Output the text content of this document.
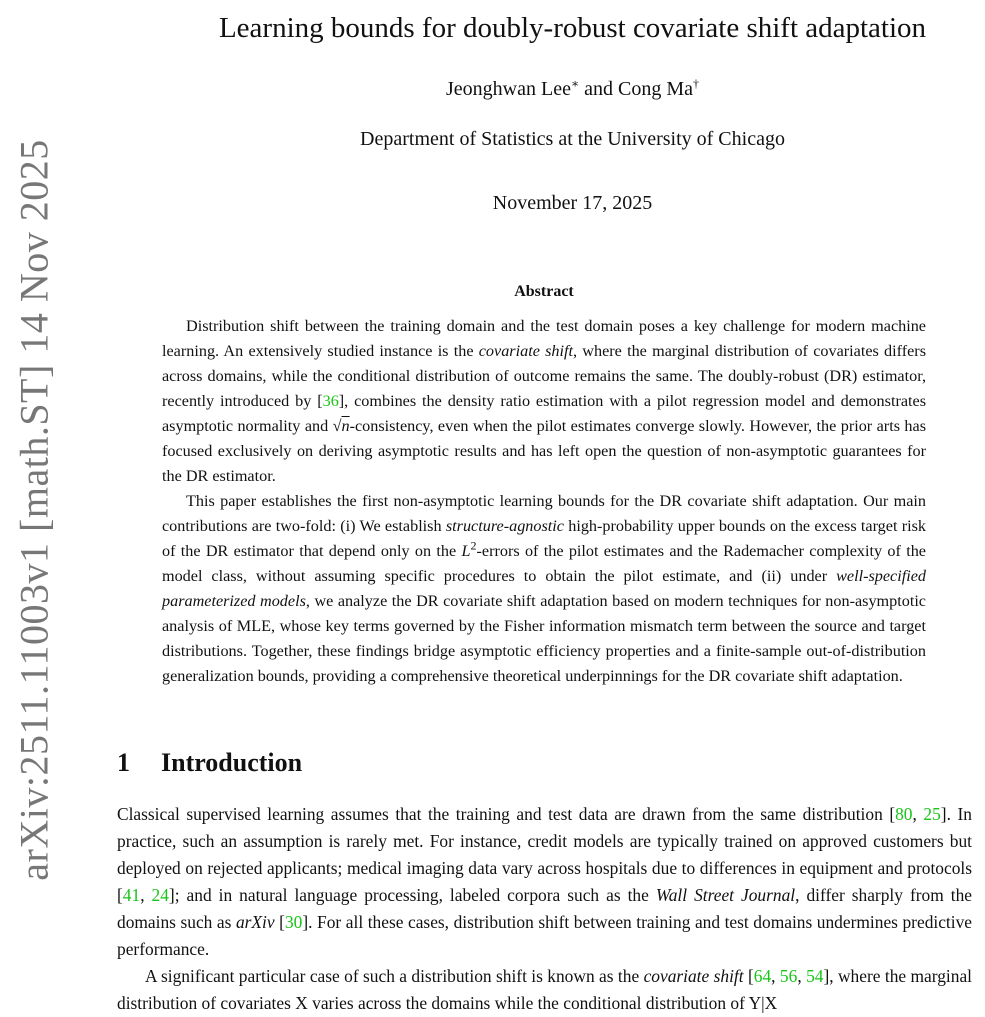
arXiv:2511.11003v1 [math.ST] 14 Nov 2025
Learning bounds for doubly-robust covariate shift adaptation
Jeonghwan Lee∗ and Cong Ma†
Department of Statistics at the University of Chicago
November 17, 2025
Abstract

Distribution shift between the training domain and the test domain poses a key challenge for modern machine learning. An extensively studied instance is the covariate shift, where the marginal distribution of covariates differs across domains, while the conditional distribution of outcome remains the same. The doubly-robust (DR) estimator, recently introduced by [36], combines the density ratio estimation with a pilot regression model and demonstrates asymptotic normality and √n-consistency, even when the pilot estimates converge slowly. However, the prior arts has focused exclusively on deriving asymptotic results and has left open the question of non-asymptotic guarantees for the DR estimator.

This paper establishes the first non-asymptotic learning bounds for the DR covariate shift adaptation. Our main contributions are two-fold: (i) We establish structure-agnostic high-probability upper bounds on the excess target risk of the DR estimator that depend only on the $L^2$-errors of the pilot estimates and the Rademacher complexity of the model class, without assuming specific procedures to obtain the pilot estimate, and (ii) under well-specified parameterized models, we analyze the DR covariate shift adaptation based on modern techniques for non-asymptotic analysis of MLE, whose key terms governed by the Fisher information mismatch term between the source and target distributions. Together, these findings bridge asymptotic efficiency properties and a finite-sample out-of-distribution generalization bounds, providing a comprehensive theoretical underpinnings for the DR covariate shift adaptation.

1 Introduction

Classical supervised learning assumes that the training and test data are drawn from the same distribution [80, 25]. In practice, such an assumption is rarely met. For instance, credit models are typically trained on approved customers but deployed on rejected applicants; medical imaging data vary across hospitals due to differences in equipment and protocols [41, 24]; and in natural language processing, labeled corpora such as the Wall Street Journal, differ sharply from the domains such as arXiv [30]. For all these cases, distribution shift between training and test domains undermines predictive performance.

A significant particular case of such a distribution shift is known as the covariate shift [64, 56, 54], where the marginal distribution of covariates X varies across the domains while the conditional distribution of Y|X
